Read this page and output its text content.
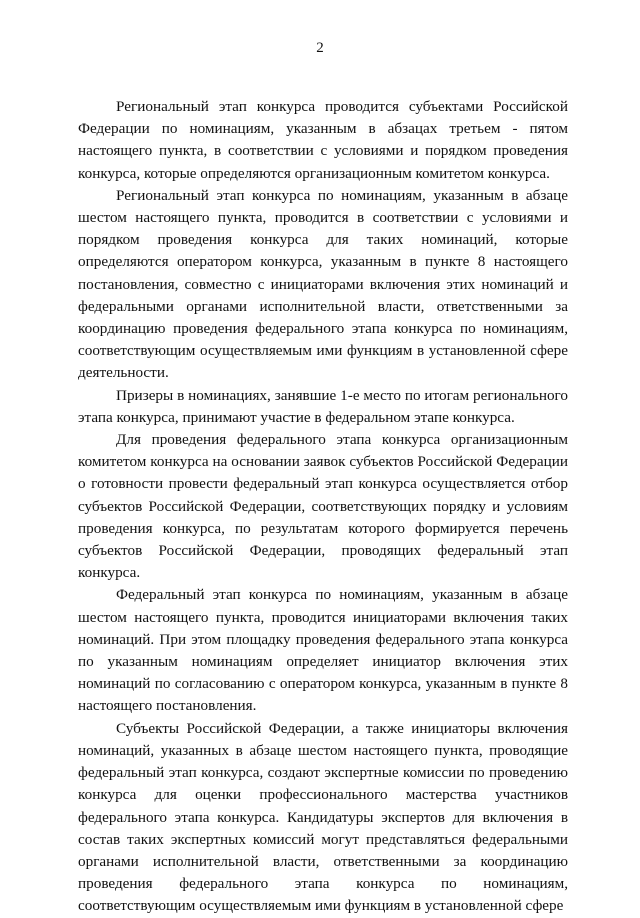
2

Региональный этап конкурса проводится субъектами Российской Федерации по номинациям, указанным в абзацах третьем - пятом настоящего пункта, в соответствии с условиями и порядком проведения конкурса, которые определяются организационным комитетом конкурса.

Региональный этап конкурса по номинациям, указанным в абзаце шестом настоящего пункта, проводится в соответствии с условиями и порядком проведения конкурса для таких номинаций, которые определяются оператором конкурса, указанным в пункте 8 настоящего постановления, совместно с инициаторами включения этих номинаций и федеральными органами исполнительной власти, ответственными за координацию проведения федерального этапа конкурса по номинациям, соответствующим осуществляемым ими функциям в установленной сфере деятельности.

Призеры в номинациях, занявшие 1-е место по итогам регионального этапа конкурса, принимают участие в федеральном этапе конкурса.

Для проведения федерального этапа конкурса организационным комитетом конкурса на основании заявок субъектов Российской Федерации о готовности провести федеральный этап конкурса осуществляется отбор субъектов Российской Федерации, соответствующих порядку и условиям проведения конкурса, по результатам которого формируется перечень субъектов Российской Федерации, проводящих федеральный этап конкурса.

Федеральный этап конкурса по номинациям, указанным в абзаце шестом настоящего пункта, проводится инициаторами включения таких номинаций. При этом площадку проведения федерального этапа конкурса по указанным номинациям определяет инициатор включения этих номинаций по согласованию с оператором конкурса, указанным в пункте 8 настоящего постановления.

Субъекты Российской Федерации, а также инициаторы включения номинаций, указанных в абзаце шестом настоящего пункта, проводящие федеральный этап конкурса, создают экспертные комиссии по проведению конкурса для оценки профессионального мастерства участников федерального этапа конкурса. Кандидатуры экспертов для включения в состав таких экспертных комиссий могут представляться федеральными органами исполнительной власти, ответственными за координацию проведения федерального этапа конкурса по номинациям, соответствующим осуществляемым ими функциям в установленной сфере
